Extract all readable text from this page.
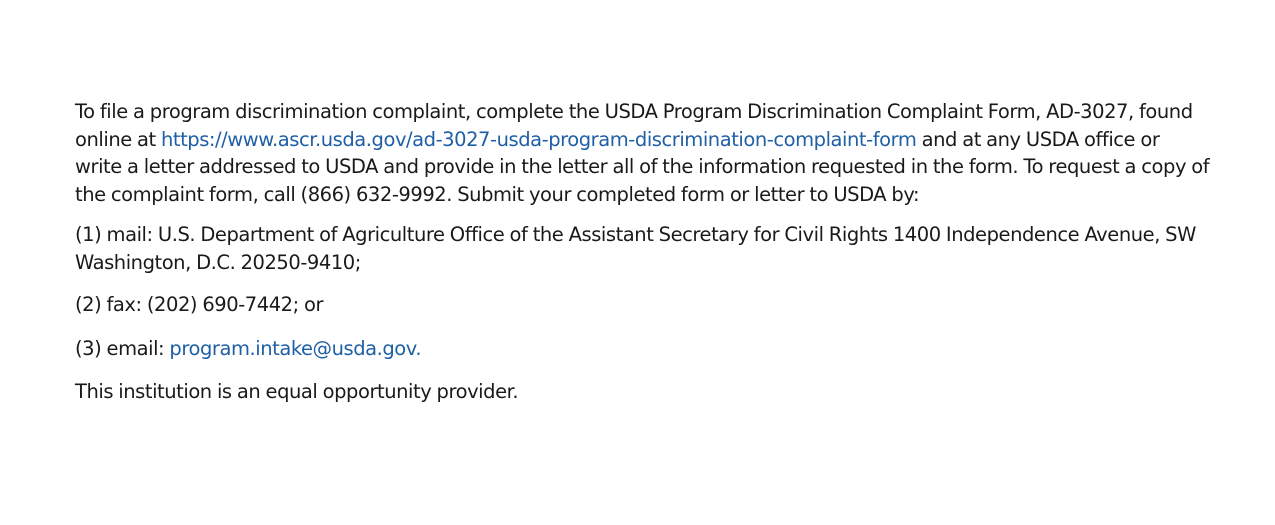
To file a program discrimination complaint, complete the USDA Program Discrimination Complaint Form, AD-3027, found online at https://www.ascr.usda.gov/ad-3027-usda-program-discrimination-complaint-form and at any USDA office or write a letter addressed to USDA and provide in the letter all of the information requested in the form. To request a copy of the complaint form, call (866) 632-9992. Submit your completed form or letter to USDA by:

(1) mail: U.S. Department of Agriculture Office of the Assistant Secretary for Civil Rights 1400 Independence Avenue, SW Washington, D.C. 20250-9410;

(2) fax: (202) 690-7442; or

(3) email: program.intake@usda.gov.

This institution is an equal opportunity provider.
